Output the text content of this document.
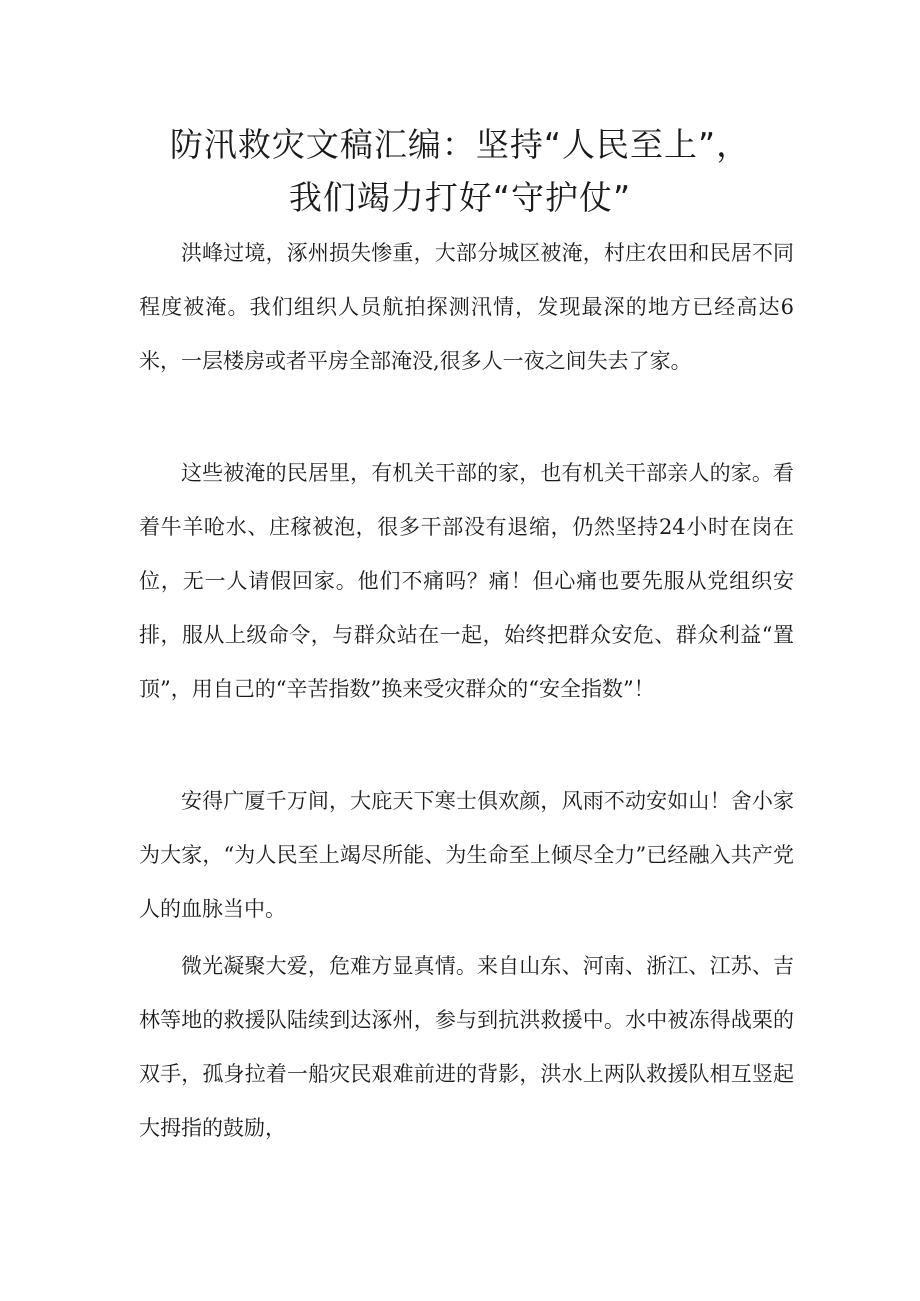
防汛救灾文稿汇编：坚持“人民至上”，
我们竭力打好“守护仗”

洪峰过境，涿州损失惨重，大部分城区被淹，村庄农田和民居不同程度被淹。我们组织人员航拍探测汛情，发现最深的地方已经高达6米，一层楼房或者平房全部淹没,很多人一夜之间失去了家。

这些被淹的民居里，有机关干部的家，也有机关干部亲人的家。看着牛羊呛水、庄稼被泡，很多干部没有退缩，仍然坚持24小时在岗在位，无一人请假回家。他们不痛吗？痛！但心痛也要先服从党组织安排，服从上级命令，与群众站在一起，始终把群众安危、群众利益“置顶”，用自己的“辛苦指数”换来受灾群众的“安全指数”！

安得广厦千万间，大庇天下寒士俱欢颜，风雨不动安如山！舍小家为大家，“为人民至上竭尽所能、为生命至上倾尽全力”已经融入共产党人的血脉当中。

微光凝聚大爱，危难方显真情。来自山东、河南、浙江、江苏、吉林等地的救援队陆续到达涿州，参与到抗洪救援中。水中被冻得战栗的双手，孤身拉着一船灾民艰难前进的背影，洪水上两队救援队相互竖起大拇指的鼓励，
